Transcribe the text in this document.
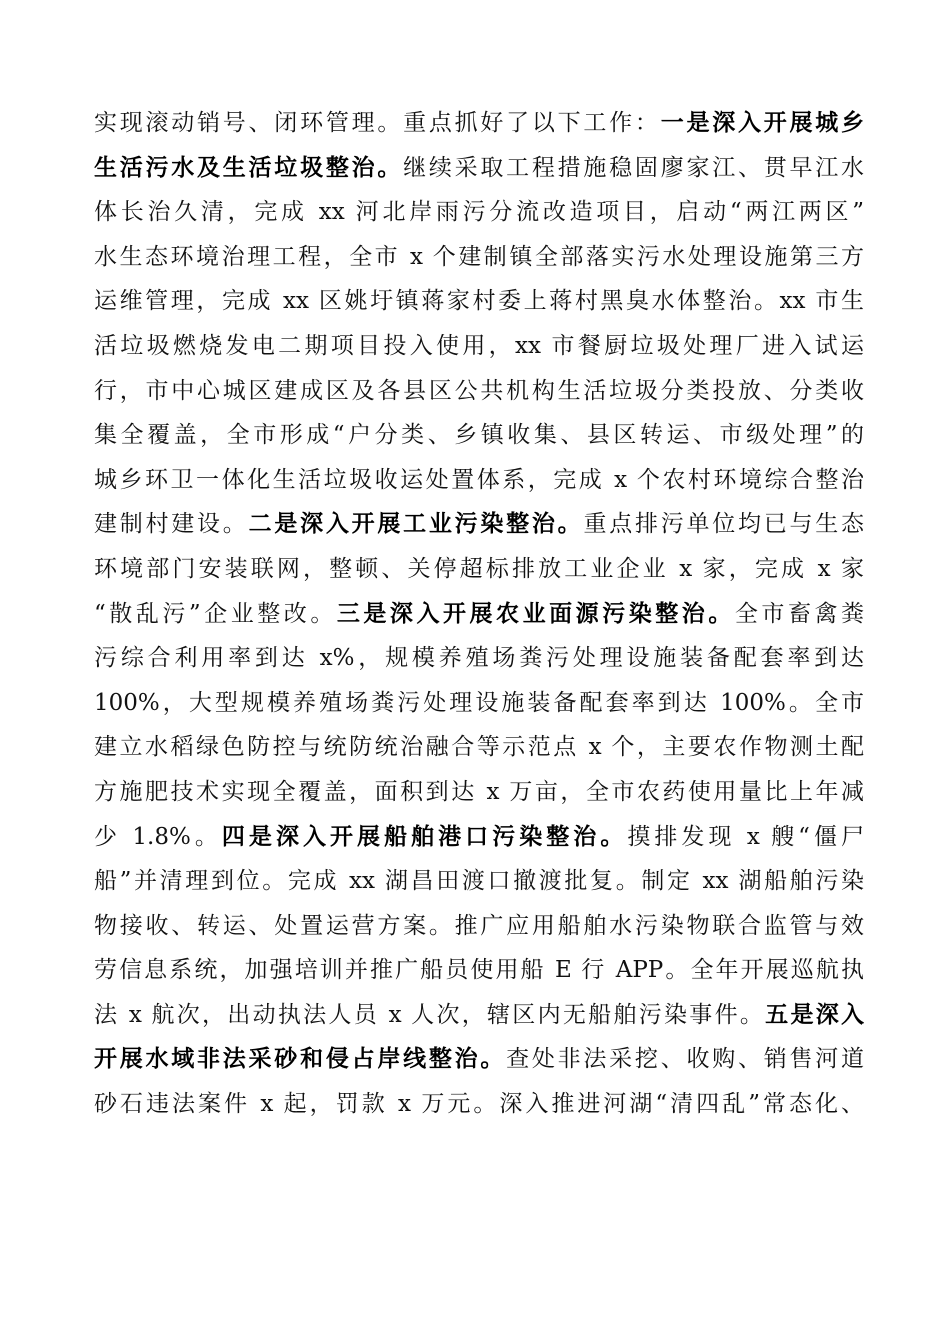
实现滚动销号、闭环管理。重点抓好了以下工作：一是深入开展城乡
生活污水及生活垃圾整治。继续采取工程措施稳固廖家江、贯早江水
体长治久清，完成 xx 河北岸雨污分流改造项目，启动“两江两区”
水生态环境治理工程，全市 x 个建制镇全部落实污水处理设施第三方
运维管理，完成 xx 区姚圩镇蒋家村委上蒋村黑臭水体整治。xx 市生
活垃圾燃烧发电二期项目投入使用，xx 市餐厨垃圾处理厂进入试运
行，市中心城区建成区及各县区公共机构生活垃圾分类投放、分类收
集全覆盖，全市形成“户分类、乡镇收集、县区转运、市级处理”的
城乡环卫一体化生活垃圾收运处置体系，完成 x 个农村环境综合整治
建制村建设。二是深入开展工业污染整治。重点排污单位均已与生态
环境部门安装联网，整顿、关停超标排放工业企业 x 家，完成 x 家
“散乱污”企业整改。三是深入开展农业面源污染整治。全市畜禽粪
污综合利用率到达 x%，规模养殖场粪污处理设施装备配套率到达
100%，大型规模养殖场粪污处理设施装备配套率到达 100%。全市
建立水稻绿色防控与统防统治融合等示范点 x 个，主要农作物测土配
方施肥技术实现全覆盖，面积到达 x 万亩，全市农药使用量比上年减
少 1.8%。四是深入开展船舶港口污染整治。摸排发现 x 艘“僵尸
船”并清理到位。完成 xx 湖昌田渡口撤渡批复。制定 xx 湖船舶污染
物接收、转运、处置运营方案。推广应用船舶水污染物联合监管与效
劳信息系统，加强培训并推广船员使用船 E 行 APP。全年开展巡航执
法 x 航次，出动执法人员 x 人次，辖区内无船舶污染事件。五是深入
开展水域非法采砂和侵占岸线整治。查处非法采挖、收购、销售河道
砂石违法案件 x 起，罚款 x 万元。深入推进河湖“清四乱”常态化、
